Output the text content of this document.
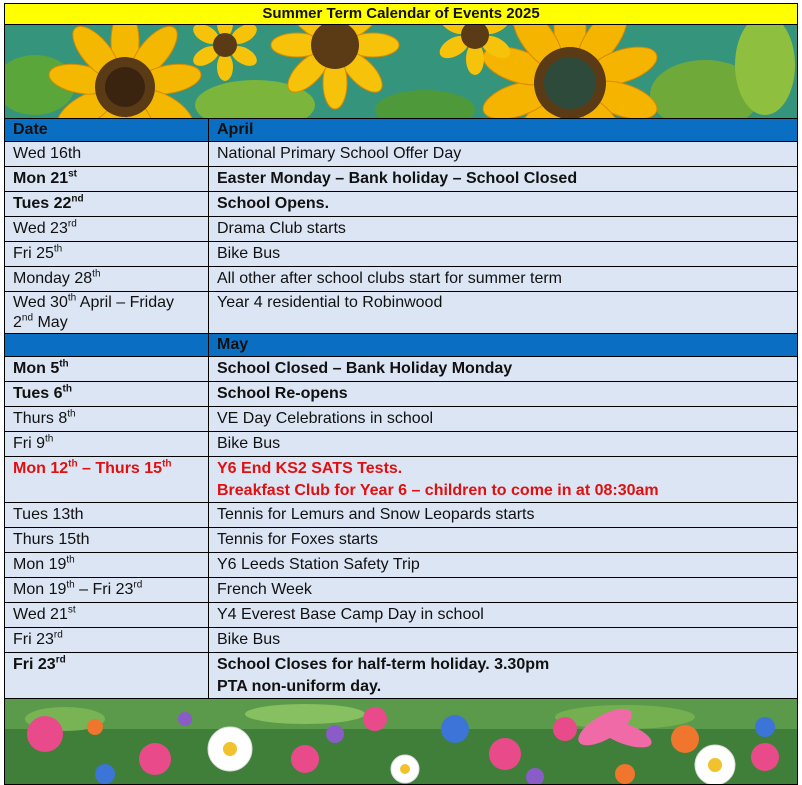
Summer Term Calendar of Events 2025
Date	April
Wed 16th	National Primary School Offer Day
Mon 21st	Easter Monday – Bank holiday – School Closed
Tues 22nd	School Opens.
Wed 23rd	Drama Club starts
Fri 25th	Bike Bus
Monday 28th	All other after school clubs start for summer term
Wed 30th April – Friday
2nd May	Year 4 residential to Robinwood
	May
Mon 5th	School Closed – Bank Holiday Monday
Tues 6th	School Re-opens
Thurs 8th	VE Day Celebrations in school
Fri 9th	Bike Bus
Mon 12th – Thurs 15th	Y6 End KS2 SATS Tests.
Breakfast Club for Year 6 – children to come in at 08:30am
Tues 13th	Tennis for Lemurs and Snow Leopards starts
Thurs 15th	Tennis for Foxes starts
Mon 19th	Y6 Leeds Station Safety Trip
Mon 19th – Fri 23rd	French Week
Wed 21st	Y4 Everest Base Camp Day in school
Fri 23rd	Bike Bus
Fri 23rd	School Closes for half-term holiday. 3.30pm
PTA non-uniform day.
